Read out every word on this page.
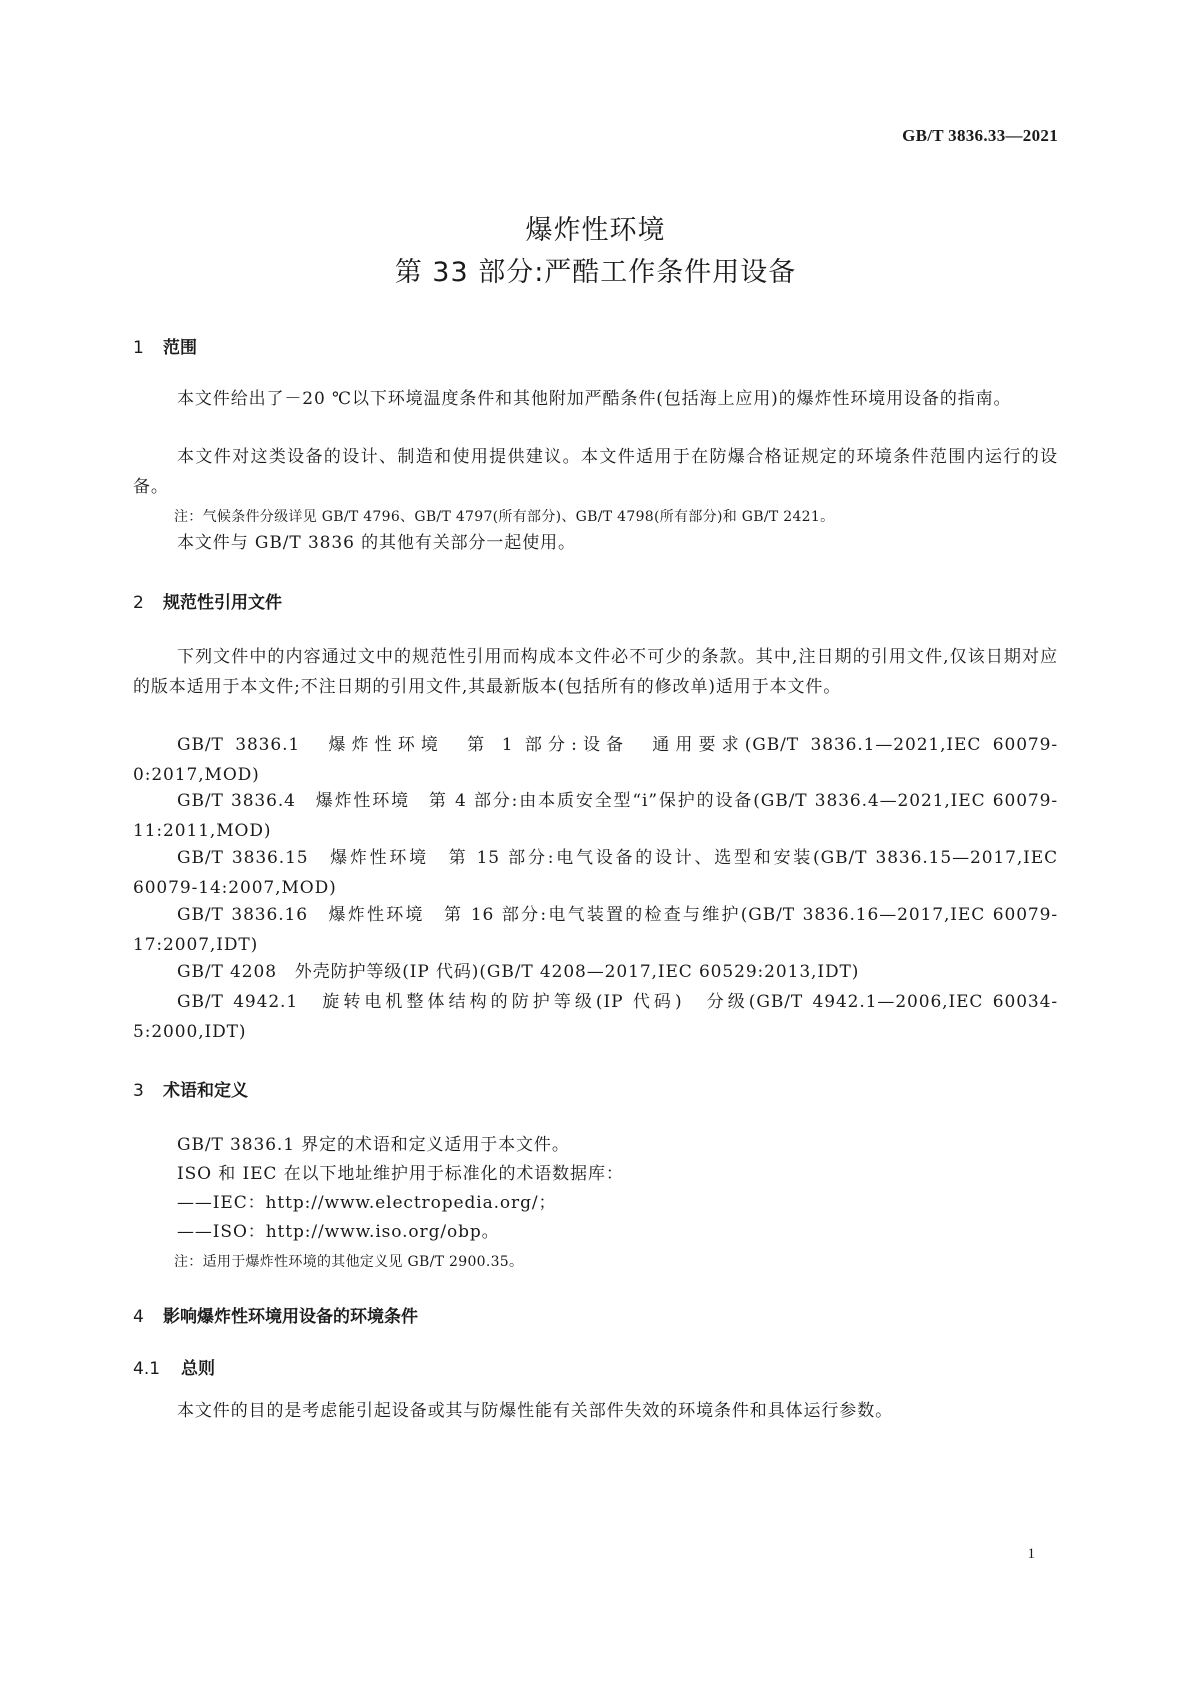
GB/T 3836.33—2021
爆炸性环境
第 33 部分:严酷工作条件用设备
1 范围
本文件给出了－20 ℃以下环境温度条件和其他附加严酷条件(包括海上应用)的爆炸性环境用设备的指南。
本文件对这类设备的设计、制造和使用提供建议。本文件适用于在防爆合格证规定的环境条件范围内运行的设备。
注：气候条件分级详见 GB/T 4796、GB/T 4797(所有部分)、GB/T 4798(所有部分)和 GB/T 2421。
本文件与 GB/T 3836 的其他有关部分一起使用。
2 规范性引用文件
下列文件中的内容通过文中的规范性引用而构成本文件必不可少的条款。其中,注日期的引用文件,仅该日期对应的版本适用于本文件;不注日期的引用文件,其最新版本(包括所有的修改单)适用于本文件。
GB/T 3836.1　爆炸性环境　第 1 部分:设备　通用要求(GB/T 3836.1—2021,IEC 60079-0:2017,MOD)
GB/T 3836.4　爆炸性环境　第 4 部分:由本质安全型“i”保护的设备(GB/T 3836.4—2021,IEC 60079-11:2011,MOD)
GB/T 3836.15　爆炸性环境　第 15 部分:电气设备的设计、选型和安装(GB/T 3836.15—2017,IEC 60079-14:2007,MOD)
GB/T 3836.16　爆炸性环境　第 16 部分:电气装置的检查与维护(GB/T 3836.16—2017,IEC 60079-17:2007,IDT)
GB/T 4208　外壳防护等级(IP 代码)(GB/T 4208—2017,IEC 60529:2013,IDT)
GB/T 4942.1　旋转电机整体结构的防护等级(IP 代码)　分级(GB/T 4942.1—2006,IEC 60034-5:2000,IDT)
3 术语和定义
GB/T 3836.1 界定的术语和定义适用于本文件。
ISO 和 IEC 在以下地址维护用于标准化的术语数据库：
——IEC：http://www.electropedia.org/；
——ISO：http://www.iso.org/obp。
注：适用于爆炸性环境的其他定义见 GB/T 2900.35。
4 影响爆炸性环境用设备的环境条件
4.1 总则
本文件的目的是考虑能引起设备或其与防爆性能有关部件失效的环境条件和具体运行参数。
1
